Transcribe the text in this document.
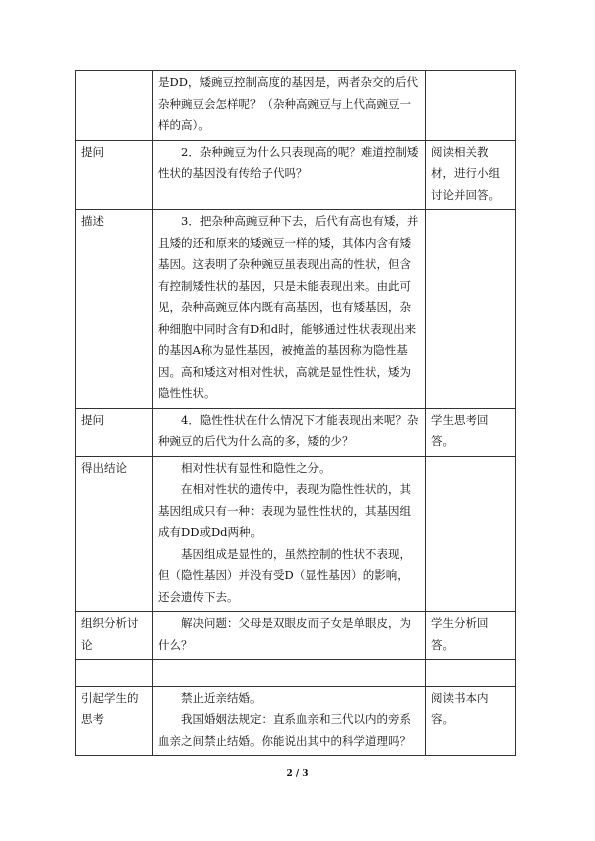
	是DD，矮豌豆控制高度的基因是，两者杂交的后代杂种豌豆会怎样呢？（杂种高豌豆与上代高豌豆一样的高）。	

提问	2．杂种豌豆为什么只表现高的呢？难道控制矮性状的基因没有传给子代吗？	阅读相关教材，进行小组讨论并回答。
描述	3．把杂种高豌豆种下去，后代有高也有矮，并且矮的还和原来的矮豌豆一样的矮，其体内含有矮基因。这表明了杂种豌豆虽表现出高的性状，但含有控制矮性状的基因，只是未能表现出来。由此可见，杂种高豌豆体内既有高基因，也有矮基因，杂种细胞中同时含有D和d时，能够通过性状表现出来的基因A称为显性基因，被掩盖的基因称为隐性基因。高和矮这对相对性状，高就是显性性状，矮为隐性性状。	

提问	4．隐性性状在什么情况下才能表现出来呢？杂种豌豆的后代为什么高的多，矮的少？	学生思考回答。
得出结论	相对性状有显性和隐性之分。

在相对性状的遗传中，表现为隐性性状的，其基因组成只有一种：表现为显性性状的，其基因组成有DD或Dd两种。

基因组成是显性的，虽然控制的性状不表现，但（隐性基因）并没有受D（显性基因）的影响，还会遗传下去。	

组织分析讨论	解决问题：父母是双眼皮而子女是单眼皮，为什么？	学生分析回答。

引起学生的思考	禁止近亲结婚。

我国婚姻法规定：直系血亲和三代以内的旁系血亲之间禁止结婚。你能说出其中的科学道理吗？	阅读书本内容。
2 / 3
